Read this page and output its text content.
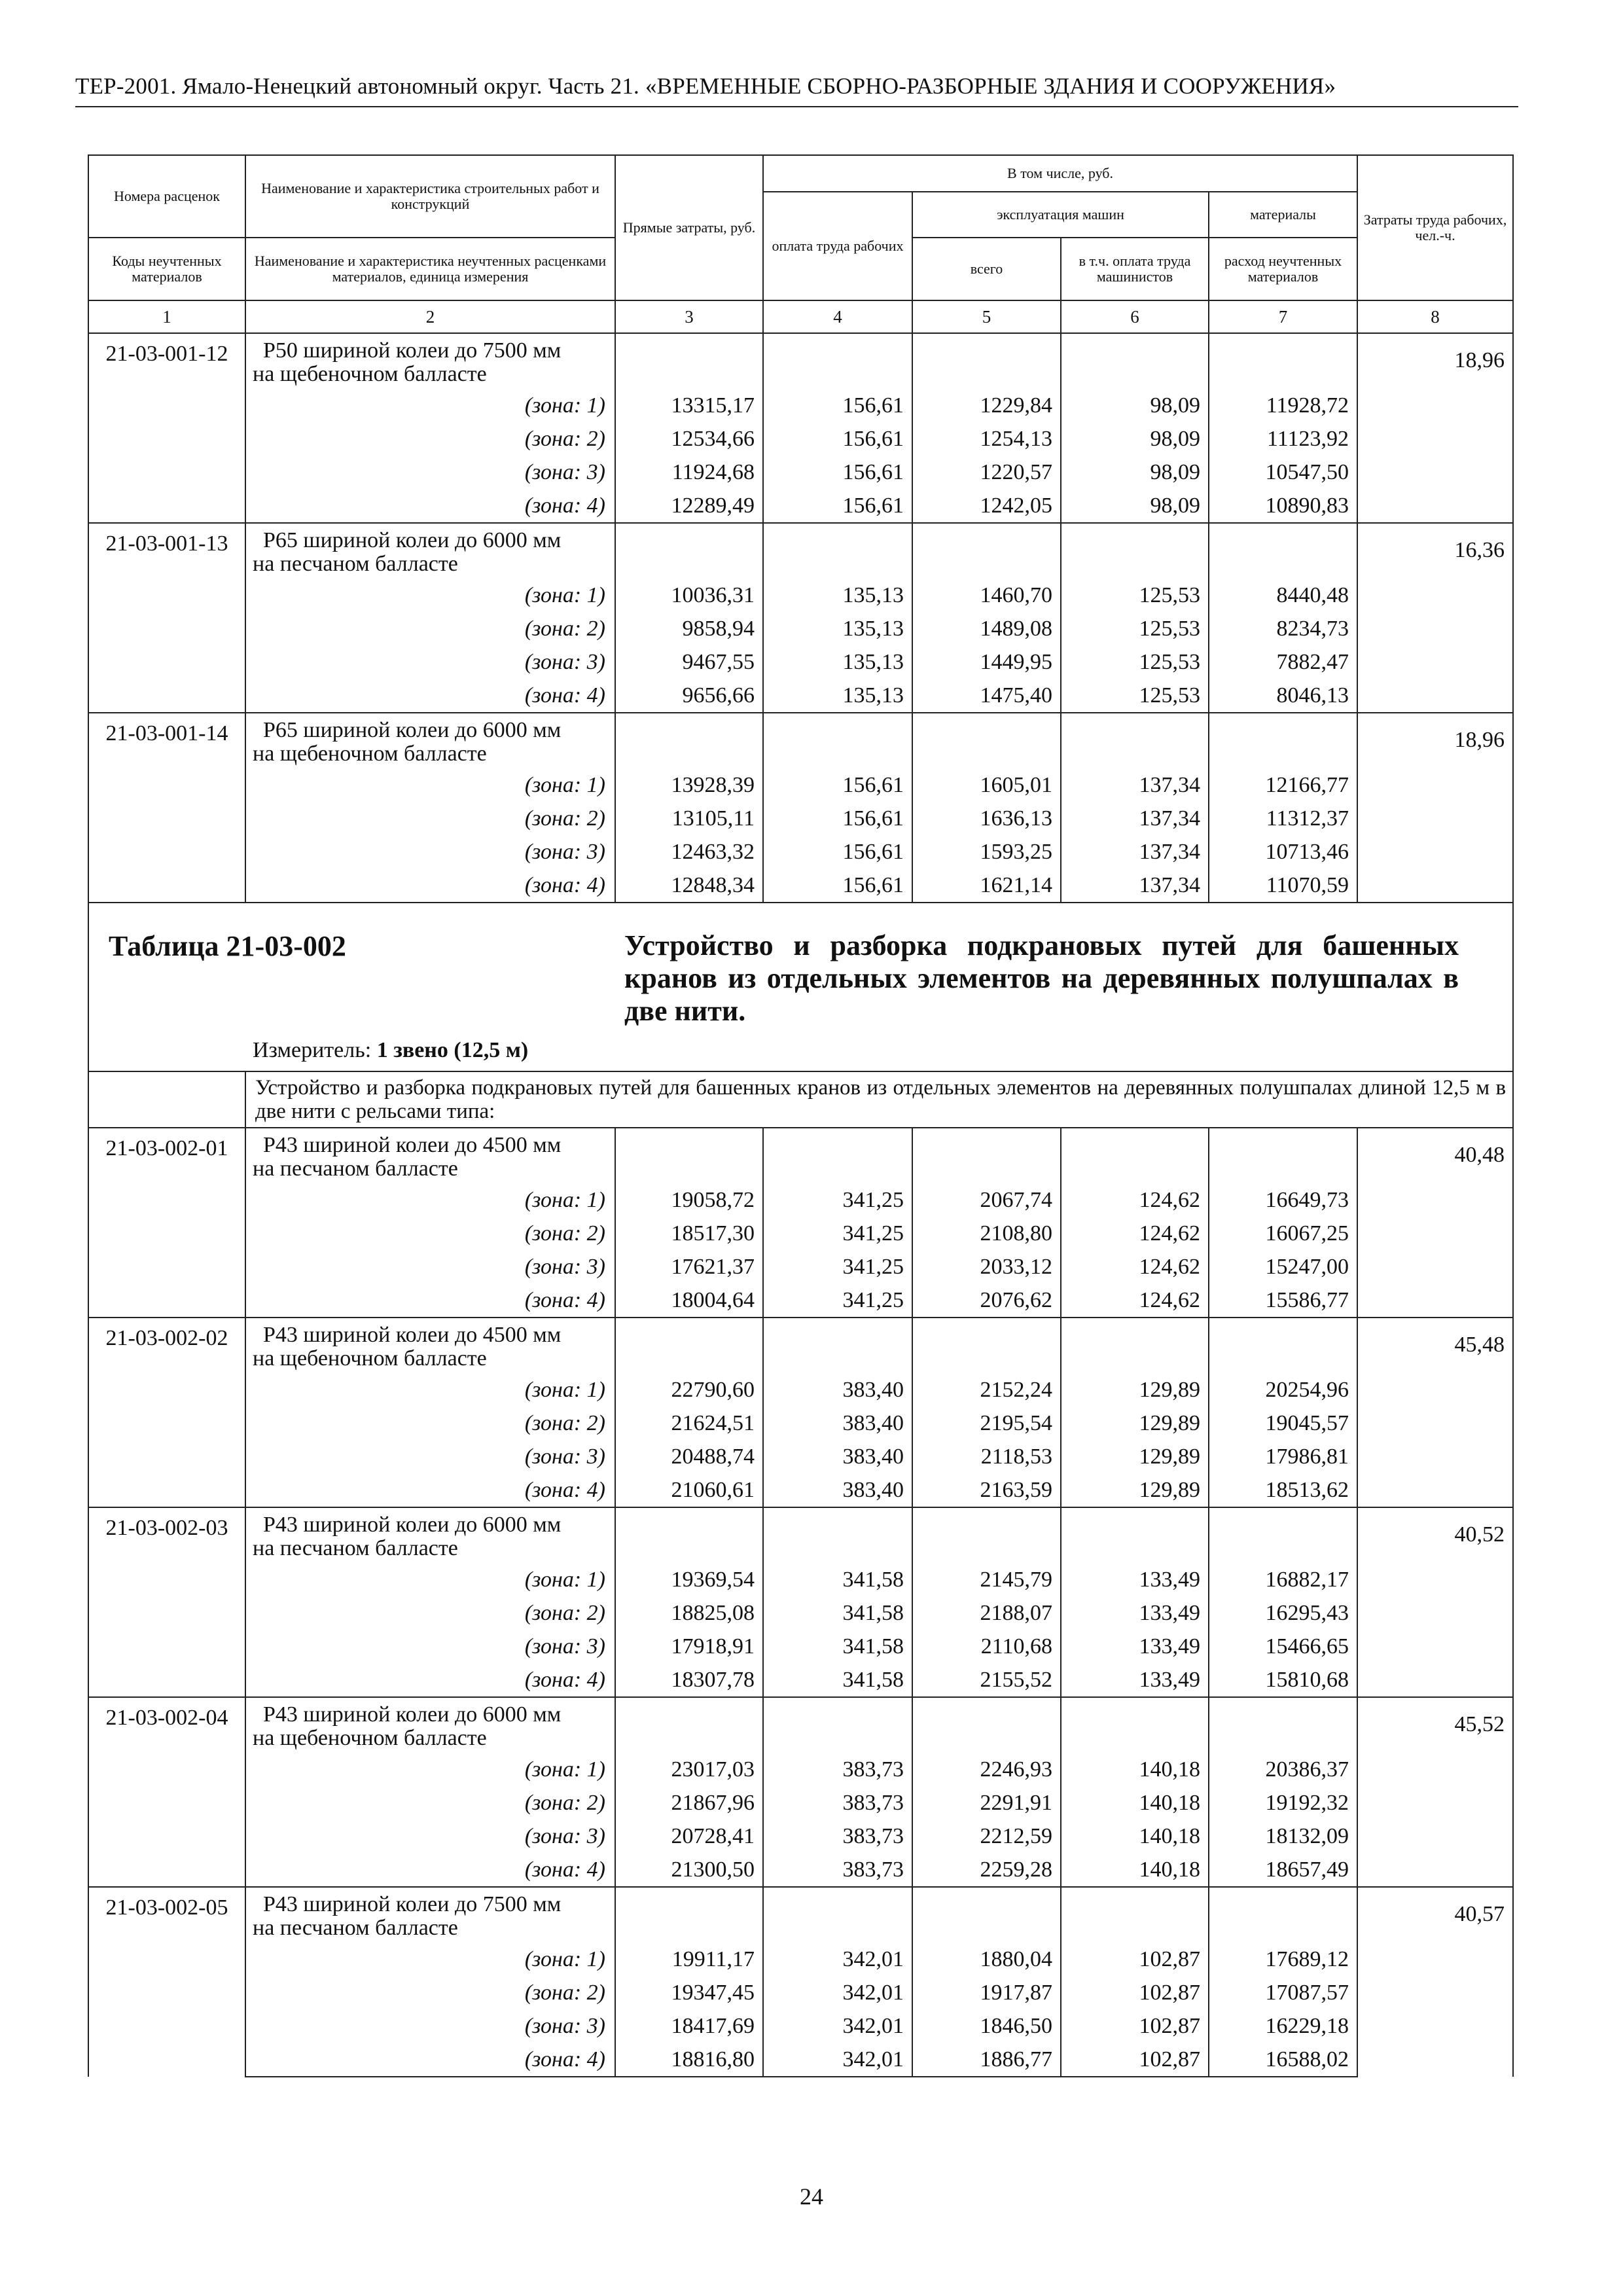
ТЕР-2001. Ямало-Ненецкий автономный округ. Часть 21. «ВРЕМЕННЫЕ СБОРНО-РАЗБОРНЫЕ ЗДАНИЯ И СООРУЖЕНИЯ»
Номера расценок	Наименование и характеристика строительных работ и конструкций	Прямые затраты, руб.	В том числе, руб.				Затраты труда рабочих, чел.-ч.
			оплата труда рабочих	эксплуатация машин		материалы	
Коды неучтенных материалов	Наименование и характеристика неучтенных расценками материалов, единица измерения			всего	в т.ч. оплата труда машинистов	расход неучтенных материалов	
1	2	3	4	5	6	7	8
21-03-001-12	Р50 шириной колеи до 7500 мм
на щебеночном балласте						18,96
	(зона: 1)	13315,17	156,61	1229,84	98,09	11928,72	
	(зона: 2)	12534,66	156,61	1254,13	98,09	11123,92	
	(зона: 3)	11924,68	156,61	1220,57	98,09	10547,50	
	(зона: 4)	12289,49	156,61	1242,05	98,09	10890,83	
21-03-001-13	Р65 шириной колеи до 6000 мм
на песчаном балласте						16,36
	(зона: 1)	10036,31	135,13	1460,70	125,53	8440,48	
	(зона: 2)	9858,94	135,13	1489,08	125,53	8234,73	
	(зона: 3)	9467,55	135,13	1449,95	125,53	7882,47	
	(зона: 4)	9656,66	135,13	1475,40	125,53	8046,13	
21-03-001-14	Р65 шириной колеи до 6000 мм
на щебеночном балласте						18,96
	(зона: 1)	13928,39	156,61	1605,01	137,34	12166,77	
	(зона: 2)	13105,11	156,61	1636,13	137,34	11312,37	
	(зона: 3)	12463,32	156,61	1593,25	137,34	10713,46	
	(зона: 4)	12848,34	156,61	1621,14	137,34	11070,59	

Таблица 21-03-002 Устройство и разборка подкрановых путей для башенных кранов из отдельных элементов на деревянных полушпалах в две нити.
Измеритель: 1 звено (12,5 м)							

	Устройство и разборка подкрановых путей для башенных кранов из отдельных элементов на деревянных полушпалах длиной 12,5 м в две нити с рельсами типа:						
21-03-002-01	Р43 шириной колеи до 4500 мм
на песчаном балласте						40,48
	(зона: 1)	19058,72	341,25	2067,74	124,62	16649,73	
	(зона: 2)	18517,30	341,25	2108,80	124,62	16067,25	
	(зона: 3)	17621,37	341,25	2033,12	124,62	15247,00	
	(зона: 4)	18004,64	341,25	2076,62	124,62	15586,77	
21-03-002-02	Р43 шириной колеи до 4500 мм
на щебеночном балласте						45,48
	(зона: 1)	22790,60	383,40	2152,24	129,89	20254,96	
	(зона: 2)	21624,51	383,40	2195,54	129,89	19045,57	
	(зона: 3)	20488,74	383,40	2118,53	129,89	17986,81	
	(зона: 4)	21060,61	383,40	2163,59	129,89	18513,62	
21-03-002-03	Р43 шириной колеи до 6000 мм
на песчаном балласте						40,52
	(зона: 1)	19369,54	341,58	2145,79	133,49	16882,17	
	(зона: 2)	18825,08	341,58	2188,07	133,49	16295,43	
	(зона: 3)	17918,91	341,58	2110,68	133,49	15466,65	
	(зона: 4)	18307,78	341,58	2155,52	133,49	15810,68	
21-03-002-04	Р43 шириной колеи до 6000 мм
на щебеночном балласте						45,52
	(зона: 1)	23017,03	383,73	2246,93	140,18	20386,37	
	(зона: 2)	21867,96	383,73	2291,91	140,18	19192,32	
	(зона: 3)	20728,41	383,73	2212,59	140,18	18132,09	
	(зона: 4)	21300,50	383,73	2259,28	140,18	18657,49	
21-03-002-05	Р43 шириной колеи до 7500 мм
на песчаном балласте						40,57
	(зона: 1)	19911,17	342,01	1880,04	102,87	17689,12	
	(зона: 2)	19347,45	342,01	1917,87	102,87	17087,57	
	(зона: 3)	18417,69	342,01	1846,50	102,87	16229,18	
	(зона: 4)	18816,80	342,01	1886,77	102,87	16588,02	
24
